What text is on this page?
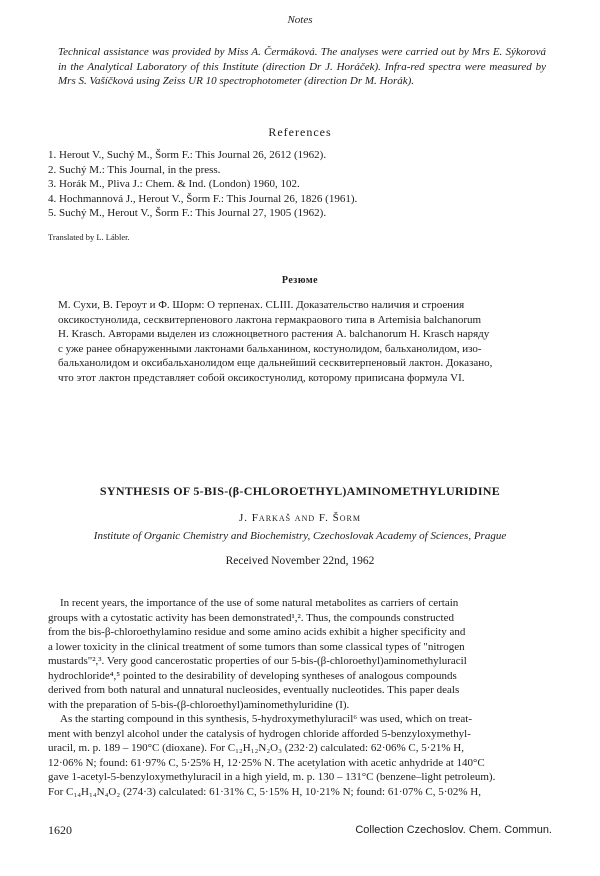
Notes
Technical assistance was provided by Miss A. Čermáková. The analyses were carried out by Mrs E. Sýkorová in the Analytical Laboratory of this Institute (direction Dr J. Horáček). Infra-red spectra were measured by Mrs S. Vašíčková using Zeiss UR 10 spectrophotometer (direction Dr M. Horák).
References
1. Herout V., Suchý M., Šorm F.: This Journal 26, 2612 (1962).
2. Suchý M.: This Journal, in the press.
3. Horák M., Pliva J.: Chem. & Ind. (London) 1960, 102.
4. Hochmannová J., Herout V., Šorm F.: This Journal 26, 1826 (1961).
5. Suchý M., Herout V., Šorm F.: This Journal 27, 1905 (1962).
Translated by L. Lábler.
Резюме
М. Сухи, В. Героут и Ф. Шорм: О терпенах. CLIII. Доказательство наличия и строения
оксикостунолида, сесквитерпенового лактона гермакраового типа в Artemisia balchanorum
H. Krasch. Авторами выделен из сложноцветного растения A. balchanorum H. Krasch наряду
с уже ранее обнаруженными лактонами бальханином, костунолидом, бальханолидом, изо-
бальханолидом и оксибальханолидом еще дальнейший сесквитерпеновый лактон. Доказано,
что этот лактон представляет собой оксикостунолид, которому приписана формула VI.
SYNTHESIS OF 5-BIS-(β-CHLOROETHYL)AMINOMETHYLURIDINE
J. Farkaš and F. Šorm
Institute of Organic Chemistry and Biochemistry, Czechoslovak Academy of Sciences, Prague
Received November 22nd, 1962
In recent years, the importance of the use of some natural metabolites as carriers of certain
groups with a cytostatic activity has been demonstrated¹,². Thus, the compounds constructed
from the bis-β-chloroethylamino residue and some amino acids exhibit a higher specificity and
a lower toxicity in the clinical treatment of some tumors than some classical types of "nitrogen
mustards"²,³. Very good cancerostatic properties of our 5-bis-(β-chloroethyl)aminomethyluracil
hydrochloride⁴,⁵ pointed to the desirability of developing syntheses of analogous compounds
derived from both natural and unnatural nucleosides, eventually nucleotides. This paper deals
with the preparation of 5-bis-(β-chloroethyl)aminomethyluridine (I).
As the starting compound in this synthesis, 5-hydroxymethyluracil⁶ was used, which on treat-
ment with benzyl alcohol under the catalysis of hydrogen chloride afforded 5-benzyloxymethyl-
uracil, m. p. 189 – 190°C (dioxane). For C₁₂H₁₂N₂O₃ (232·2) calculated: 62·06% C, 5·21% H,
12·06% N; found: 61·97% C, 5·25% H, 12·25% N. The acetylation with acetic anhydride at 140°C
gave 1-acetyl-5-benzyloxymethyluracil in a high yield, m. p. 130 – 131°C (benzene–light petroleum).
For C₁₄H₁₄N₄O₂ (274·3) calculated: 61·31% C, 5·15% H, 10·21% N; found: 61·07% C, 5·02% H,
1620	Collection Czechoslov. Chem. Commun.
